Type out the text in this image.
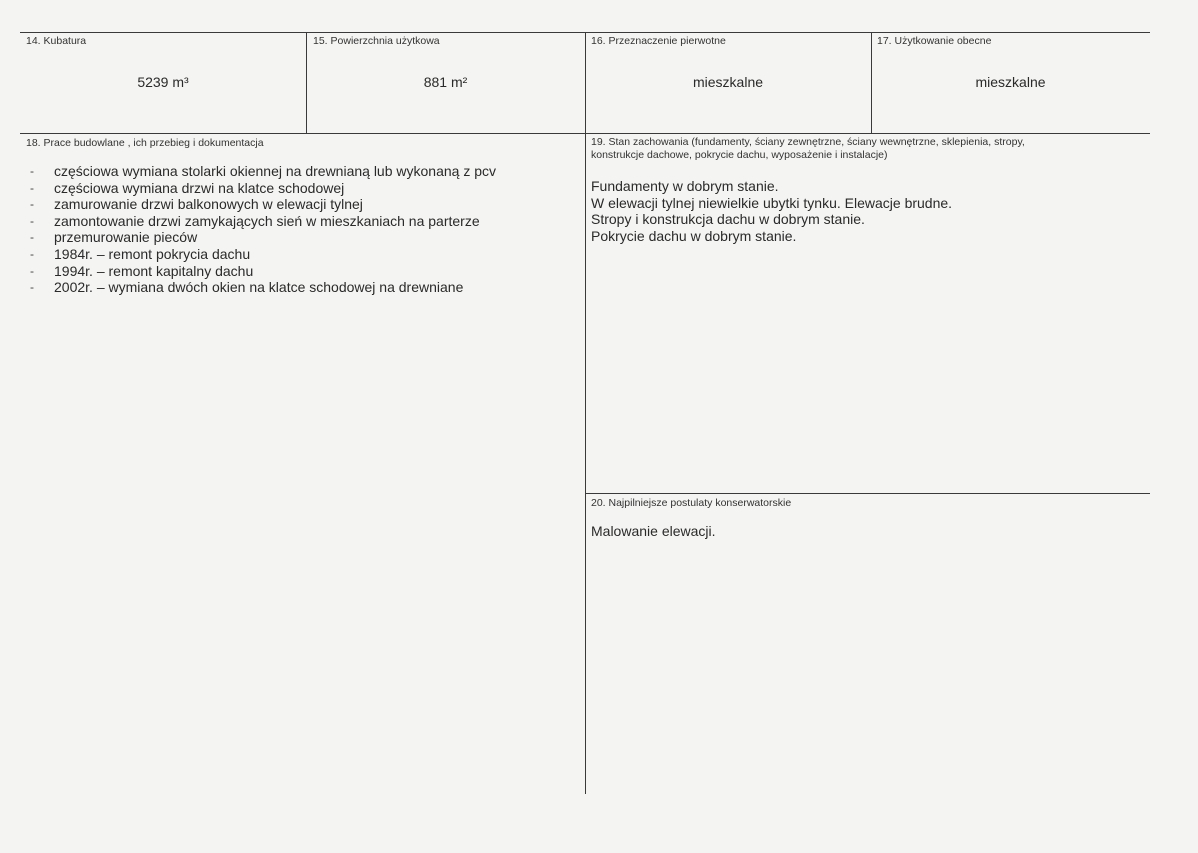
14. Kubatura
5239 m³
15. Powierzchnia użytkowa
881 m²
16. Przeznaczenie pierwotne
mieszkalne
17. Użytkowanie obecne
mieszkalne
18. Prace budowlane , ich przebieg i dokumentacja
- częściowa wymiana stolarki okiennej na drewnianą lub wykonaną z pcv
- częściowa wymiana drzwi na klatce schodowej
- zamurowanie drzwi balkonowych w elewacji tylnej
- zamontowanie drzwi zamykających sień w mieszkaniach na parterze
- przemurowanie pieców
- 1984r. – remont pokrycia dachu
- 1994r. – remont kapitalny dachu
- 2002r. – wymiana dwóch okien na klatce schodowej na drewniane
19. Stan zachowania (fundamenty, ściany zewnętrzne, ściany wewnętrzne, sklepienia, stropy,
konstrukcje dachowe, pokrycie dachu, wyposażenie i instalacje)

Fundamenty w dobrym stanie.

W elewacji tylnej niewielkie ubytki tynku. Elewacje brudne.

Stropy i konstrukcja dachu w dobrym stanie.

Pokrycie dachu w dobrym stanie.

20. Najpilniejsze postulaty konserwatorskie
Malowanie elewacji.
